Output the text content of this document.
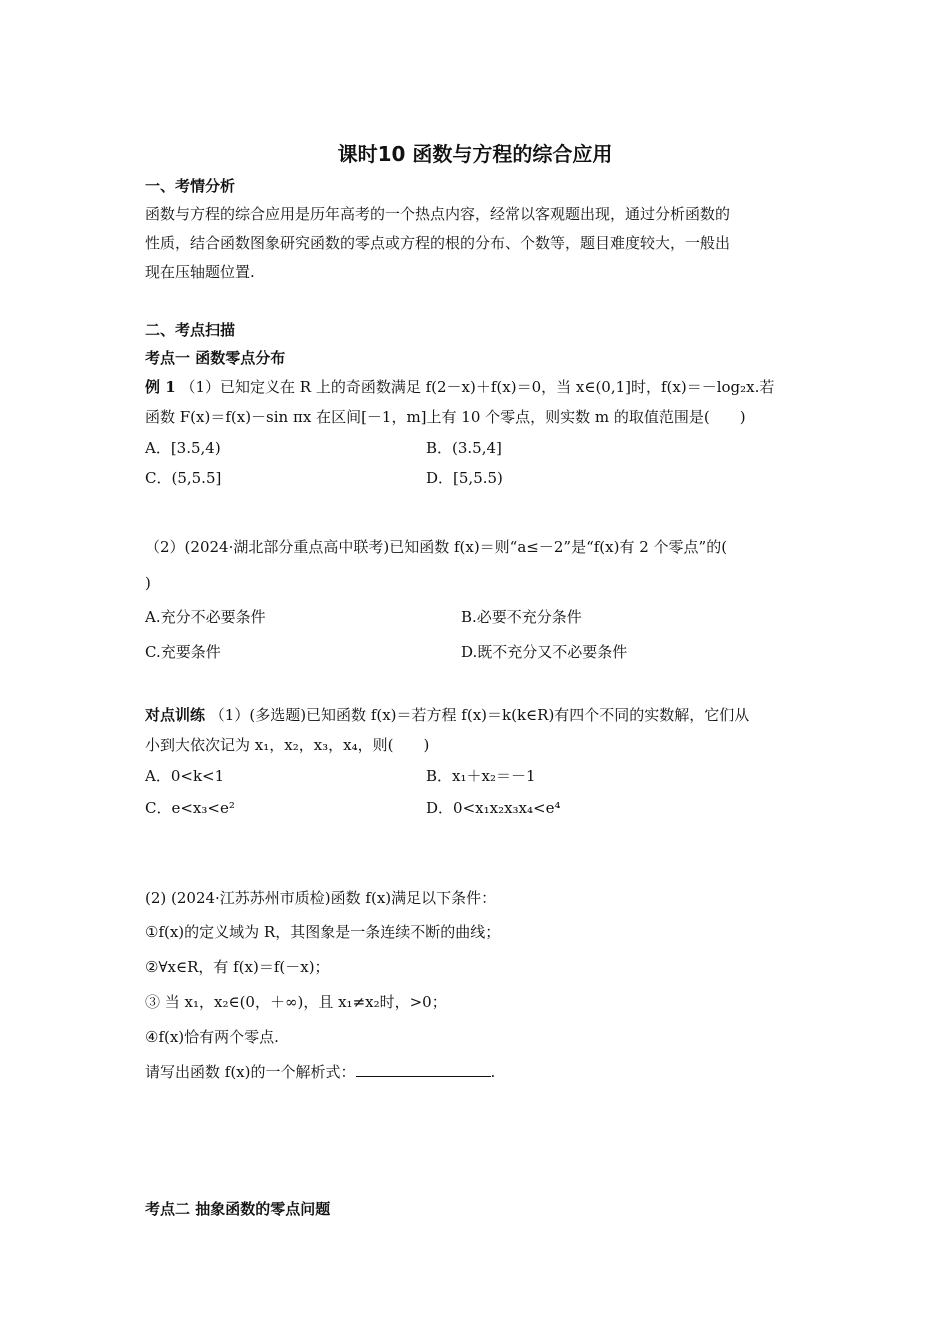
课时10 函数与方程的综合应用
一、考情分析
函数与方程的综合应用是历年高考的一个热点内容，经常以客观题出现，通过分析函数的
性质，结合函数图象研究函数的零点或方程的根的分布、个数等，题目难度较大，一般出
现在压轴题位置.
二、考点扫描
考点一 函数零点分布
例 1 （1）已知定义在 R 上的奇函数满足 f(2－x)＋f(x)＝0，当 x∈(0,1]时，f(x)＝－log₂x.若
函数 F(x)＝f(x)－sin πx 在区间[－1，m]上有 10 个零点，则实数 m 的取值范围是(　　)
A．[3.5,4)	B．(3.5,4]
C．(5,5.5]	D．[5,5.5)
（2）(2024·湖北部分重点高中联考)已知函数 f(x)＝则“a≤－2”是“f(x)有 2 个零点”的(
)
A.充分不必要条件	B.必要不充分条件
C.充要条件	D.既不充分又不必要条件
对点训练 （1）(多选题)已知函数 f(x)＝若方程 f(x)＝k(k∈R)有四个不同的实数解，它们从
小到大依次记为 x₁，x₂，x₃，x₄，则(　　)
A．0<k<1	B．x₁＋x₂＝－1
C．e<x₃<e²	D．0<x₁x₂x₃x₄<e⁴
(2) (2024·江苏苏州市质检)函数 f(x)满足以下条件：
①f(x)的定义域为 R，其图象是一条连续不断的曲线；
②∀x∈R，有 f(x)＝f(－x)；
③ 当 x₁，x₂∈(0，＋∞)，且 x₁≠x₂时，>0；
④f(x)恰有两个零点.
请写出函数 f(x)的一个解析式：	.
考点二 抽象函数的零点问题
